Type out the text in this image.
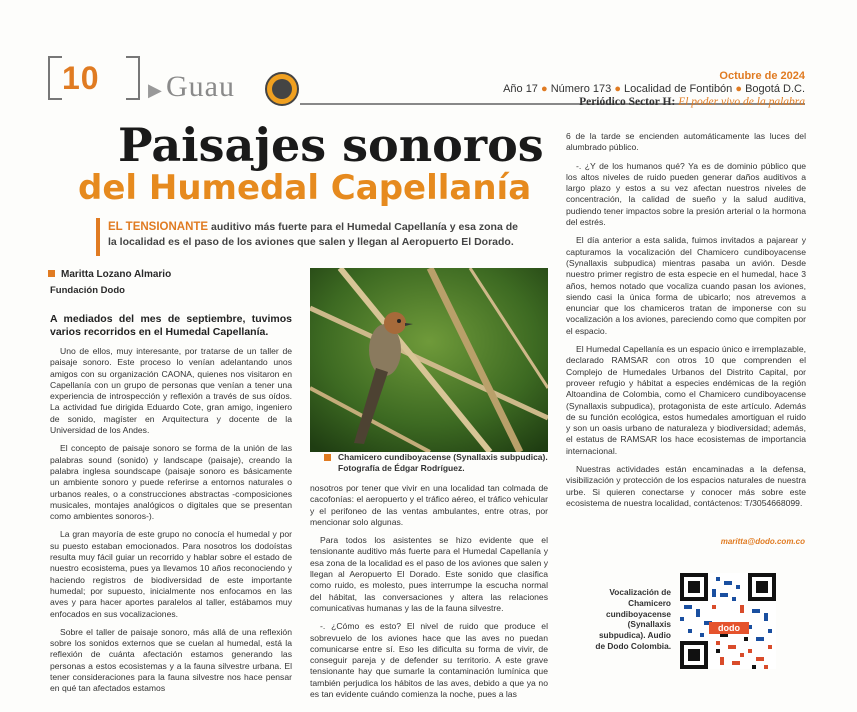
10	▶ Guau	Octubre de 2024
Año 17 ● Número 173 ● Localidad de Fontibón ● Bogotá D.C.
Periódico Sector H: El poder vivo de la palabra
Paisajes sonoros
del Humedal Capellanía
EL TENSIONANTE auditivo más fuerte para el Humedal Capellanía y esa zona de la localidad es el paso de los aviones que salen y llegan al Aeropuerto El Dorado.
Maritta Lozano Almario
Fundación Dodo

A mediados del mes de septiembre, tuvimos varios recorridos en el Humedal Capellanía.

Uno de ellos, muy interesante, por tratarse de un taller de paisaje sonoro. Este proceso lo venían adelantando unos amigos con su organización CAONA, quienes nos visitaron en Capellanía con un grupo de personas que venían a tener una experiencia de introspección y reflexión a través de sus oídos. La actividad fue dirigida Eduardo Cote, gran amigo, ingeniero de sonido, magíster en Arquitectura y docente de la Universidad de los Andes.

El concepto de paisaje sonoro se forma de la unión de las palabras sound (sonido) y landscape (paisaje), creando la palabra inglesa soundscape (paisaje sonoro es básicamente un ambiente sonoro y puede referirse a entornos naturales o urbanos reales, o a construcciones abstractas -composiciones musicales, montajes analógicos o digitales que se presentan como ambientes sonoros-).

La gran mayoría de este grupo no conocía el humedal y por su puesto estaban emocionados. Para nosotros los dodoístas resulta muy fácil guiar un recorrido y hablar sobre el estado de nuestro ecosistema, pues ya llevamos 10 años reconociendo y haciendo registros de biodiversidad de este importante humedal; por supuesto, inicialmente nos enfocamos en las aves y para hacer aportes paralelos al taller, estábamos muy enfocados en sus vocalizaciones.

Sobre el taller de paisaje sonoro, más allá de una reflexión sobre los sonidos externos que se cuelan al humedal, está la reflexión de cuánta afectación estamos generando las personas a estos ecosistemas y a la fauna silvestre urbana. El tener consideraciones para la fauna silvestre nos hace pensar en qué tan afectados estamos

Chamicero cundiboyacense (Synallaxis subpudica). Fotografía de Édgar Rodríguez.

nosotros por tener que vivir en una localidad tan colmada de cacofonías: el aeropuerto y el tráfico aéreo, el tráfico vehicular y el perifoneo de las ventas ambulantes, entre otras, por mencionar solo algunas.

Para todos los asistentes se hizo evidente que el tensionante auditivo más fuerte para el Humedal Capellanía y esa zona de la localidad es el paso de los aviones que salen y llegan al Aeropuerto El Dorado. Este sonido que clasifica como ruido, es molesto, pues interrumpe la escucha normal del hábitat, las conversaciones y altera las relaciones comunicativas humanas y las de la fauna silvestre.

-. ¿Cómo es esto? El nivel de ruido que produce el sobrevuelo de los aviones hace que las aves no puedan comunicarse entre sí. Eso les dificulta su forma de vivir, de conseguir pareja y de defender su territorio. A este grave tensionante hay que sumarle la contaminación lumínica que también perjudica los hábitos de las aves, debido a que ya no es tan evidente cuándo comienza la noche, pues a las

6 de la tarde se encienden automáticamente las luces del alumbrado público.

-. ¿Y de los humanos qué? Ya es de dominio público que los altos niveles de ruido pueden generar daños auditivos a largo plazo y estos a su vez afectan nuestros niveles de concentración, la calidad de sueño y la salud auditiva, pudiendo tener impactos sobre la presión arterial o la hormona del estrés.

El día anterior a esta salida, fuimos invitados a pajarear y capturamos la vocalización del Chamicero cundiboyacense (Synallaxis subpudica) mientras pasaba un avión. Desde nuestro primer registro de esta especie en el humedal, hace 3 años, hemos notado que vocaliza cuando pasan los aviones, siendo casi la única forma de ubicarlo; nos atrevemos a enunciar que los chamiceros tratan de imponerse con su vocalización a los aviones, pareciendo como que compiten por el espacio.

El Humedal Capellanía es un espacio único e irremplazable, declarado RAMSAR con otros 10 que comprenden el Complejo de Humedales Urbanos del Distrito Capital, por proveer refugio y hábitat a especies endémicas de la región Altoandina de Colombia, como el Chamicero cundiboyacense (Synallaxis subpudica), protagonista de este artículo. Además de su función ecológica, estos humedales amortiguan el ruido y son un oasis urbano de naturaleza y biodiversidad; además, el estatus de RAMSAR los hace ecosistemas de importancia internacional.

Nuestras actividades están encaminadas a la defensa, visibilización y protección de los espacios naturales de nuestra urbe. Si quieren conectarse y conocer más sobre este ecosistema de nuestra localidad, contáctenos: T/3054668099.

maritta@dodo.com.co
Vocalización de Chamicero cundiboyacense (Synallaxis subpudica). Audio de Dodo Colombia.
dodo
